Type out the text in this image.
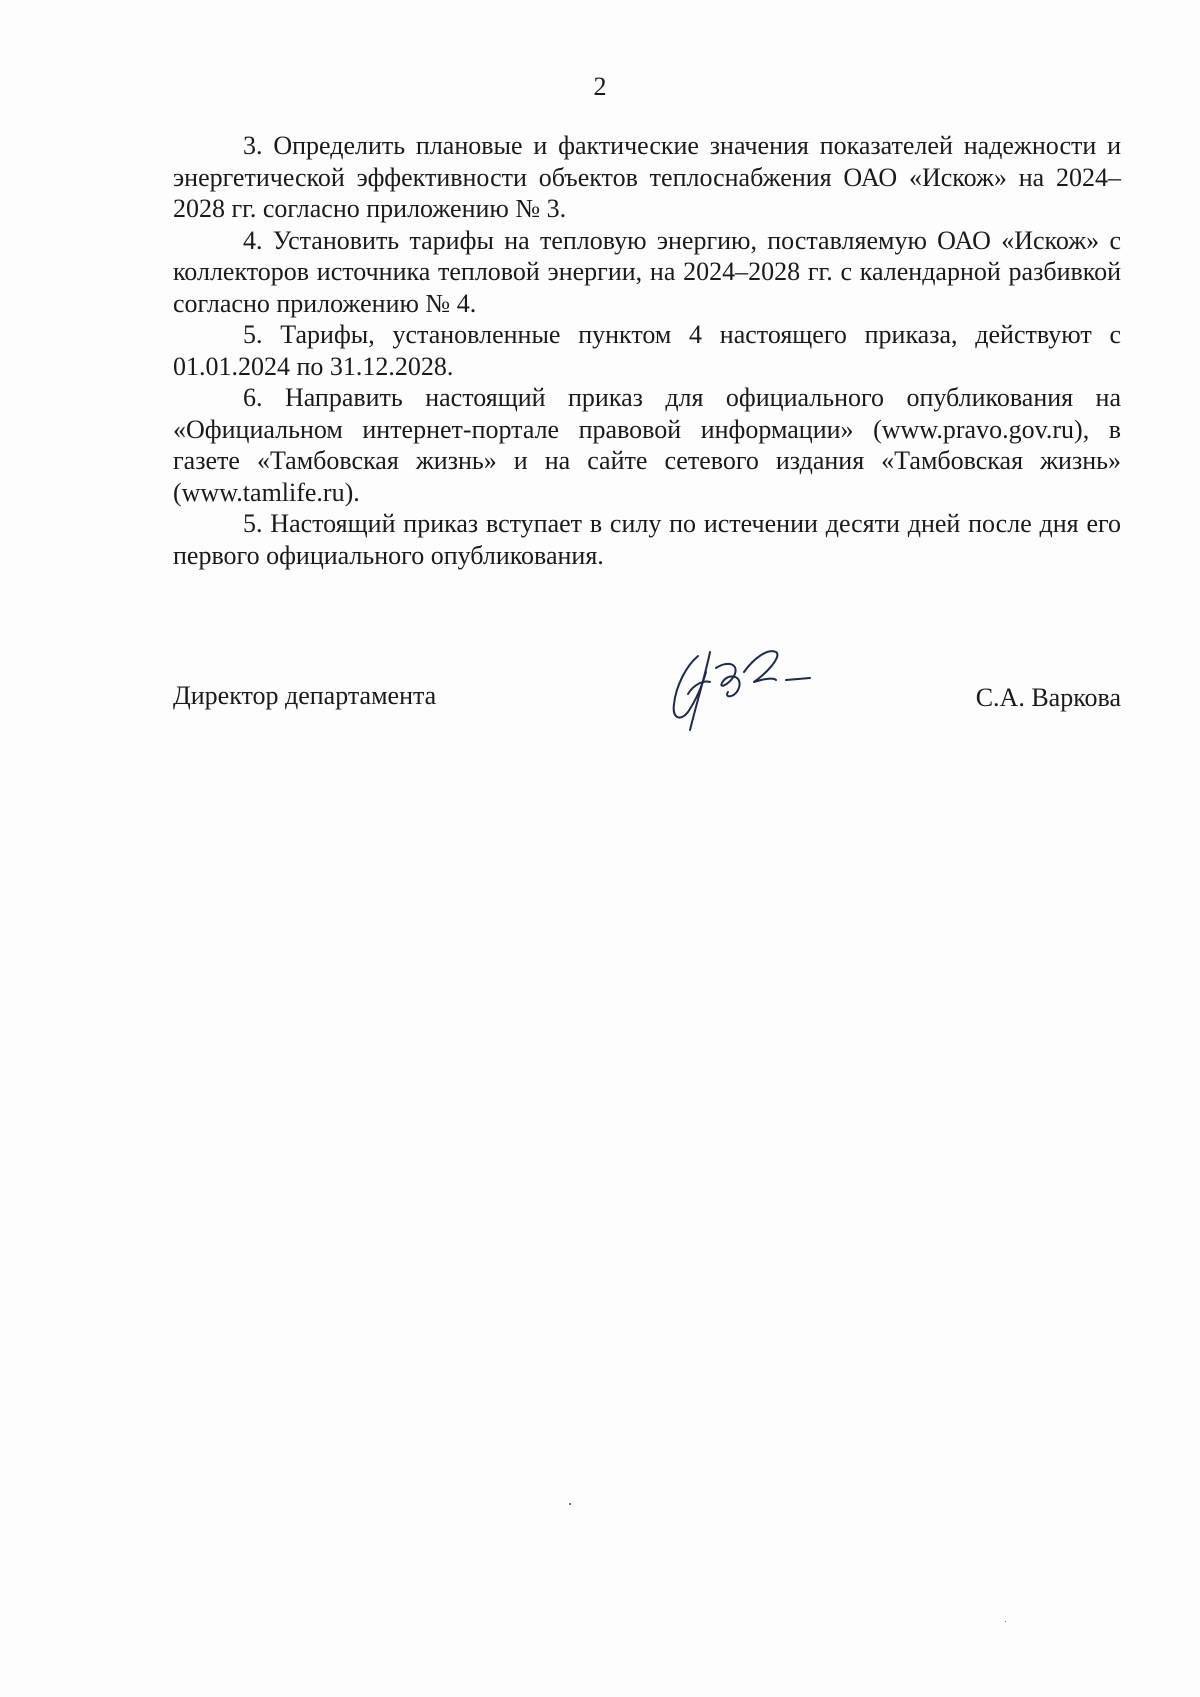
2

3. Определить плановые и фактические значения показателей надежности и энергетической эффективности объектов теплоснабжения ОАО «Искож» на 2024–2028 гг. согласно приложению № 3.

4. Установить тарифы на тепловую энергию, поставляемую ОАО «Искож» с коллекторов источника тепловой энергии, на 2024–2028 гг. с календарной разбивкой согласно приложению № 4.

5. Тарифы, установленные пунктом 4 настоящего приказа, действуют с 01.01.2024 по 31.12.2028.

6. Направить настоящий приказ для официального опубликования на «Официальном интернет-портале правовой информации» (www.pravo.gov.ru), в газете «Тамбовская жизнь» и на сайте сетевого издания «Тамбовская жизнь» (www.tamlife.ru).

5. Настоящий приказ вступает в силу по истечении десяти дней после дня его первого официального опубликования.

Директор департамента	С.А. Варкова
